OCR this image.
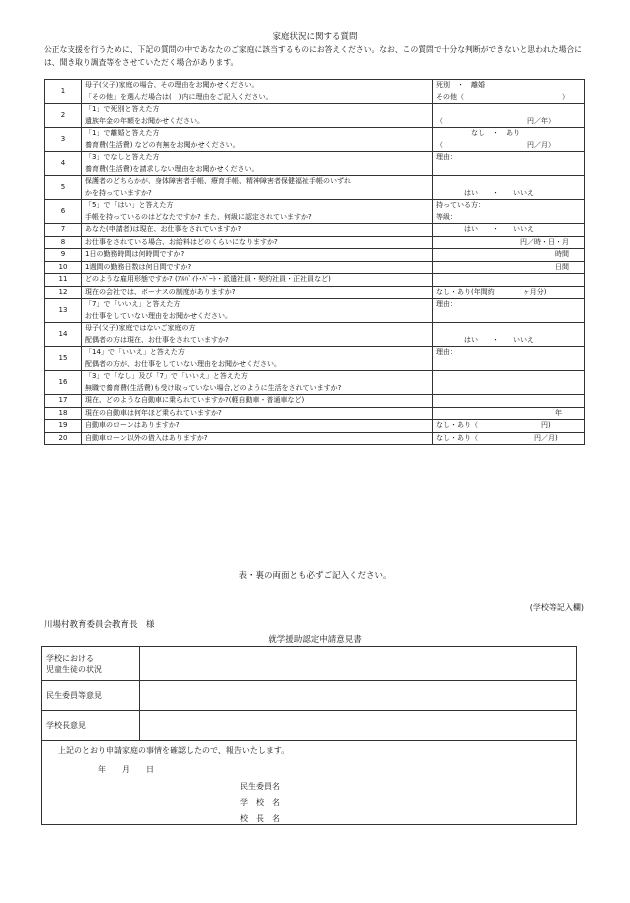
家庭状況に関する質問
公正な支援を行うために、下記の質問の中であなたのご家庭に該当するものにお答えください。なお、この質問で十分な判断ができないと思われた場合には、聞き取り調査等をさせていただく場合があります。
1	母子(父子)家庭の場合、その理由をお聞かせください。
「その他」を選んだ場合は(　)内に理由をご記入ください。	死別　・　離婚
その他（　　　　　　　　　　　　　　）

2	「1」で死別と答えた方
遺族年金の年額をお聞かせください。	（　　　　　　　　　　　　円／年）

3	「1」で離婚と答えた方
養育費(生活費) などの有無をお聞かせください。	　　　　　なし　・　あり
（　　　　　　　　　　　　円／月）

4	「3」でなしと答えた方
養育費(生活費)を請求しない理由をお聞かせください。	理由：

5	保護者のどちらかが、身体障害者手帳、療育手帳、精神障害者保健福祉手帳のいずれ
かを持っていますか?	　　　　はい　　・　　いいえ

6	「5」で「はい」と答えた方
手帳を持っているのはどなたですか? また、何級に認定されていますか?	持っている方：
等級：

7	あなた(申請者)は現在、お仕事をされていますか?	　　　　はい　　・　　いいえ

8	お仕事をされている場合、お給料はどのくらいになりますか?	　　　　　　　　　　　　円／時・日・月

9	1日の勤務時間は何時間ですか?	　　　　　　　　　　　　　　　　　時間

10	1週間の勤務日数は何日間ですか?	　　　　　　　　　　　　　　　　　日間

11	どのような雇用形態ですか? (ｱﾙﾊﾞｲﾄ･ﾊﾟｰﾄ・派遣社員・契約社員・正社員など)	

12	現在の会社では、ボーナスの制度がありますか?	なし・あり(年間約　　　　ヶ月分)

13	「7」で「いいえ」と答えた方
お仕事をしていない理由をお聞かせください。	理由：

14	母子(父子)家庭ではないご家庭の方
配偶者の方は現在、お仕事をされていますか?	　　　　はい　　・　　いいえ

15	「14」で「いいえ」と答えた方
配偶者の方が、お仕事をしていない理由をお聞かせください。	理由：

16	「3」で「なし」及び「7」で「いいえ」と答えた方
無職で養育費(生活費)も受け取っていない場合,どのように生活をされていますか?	

17	現在、どのような自動車に乗られていますか?(軽自動車・普通車など)	

18	現在の自動車は何年ほど乗られていますか?	　　　　　　　　　　　　　　　　　年

19	自動車のローンはありますか?	なし・あり（　　　　　　　　　円)

20	自動車ローン以外の借入はありますか?	なし・あり（　　　　　　　　円／月)
表・裏の両面とも必ずご記入ください。
(学校等記入欄)
川場村教育委員会教育長　様
就学援助認定申請意見書
学校における
児童生徒の状況	

民生委員等意見	

学校長意見	

上記のとおり申請家庭の事情を確認したので、報告いたします。
年　　月　　日
民生委員名
学　校　名
校　長　名
